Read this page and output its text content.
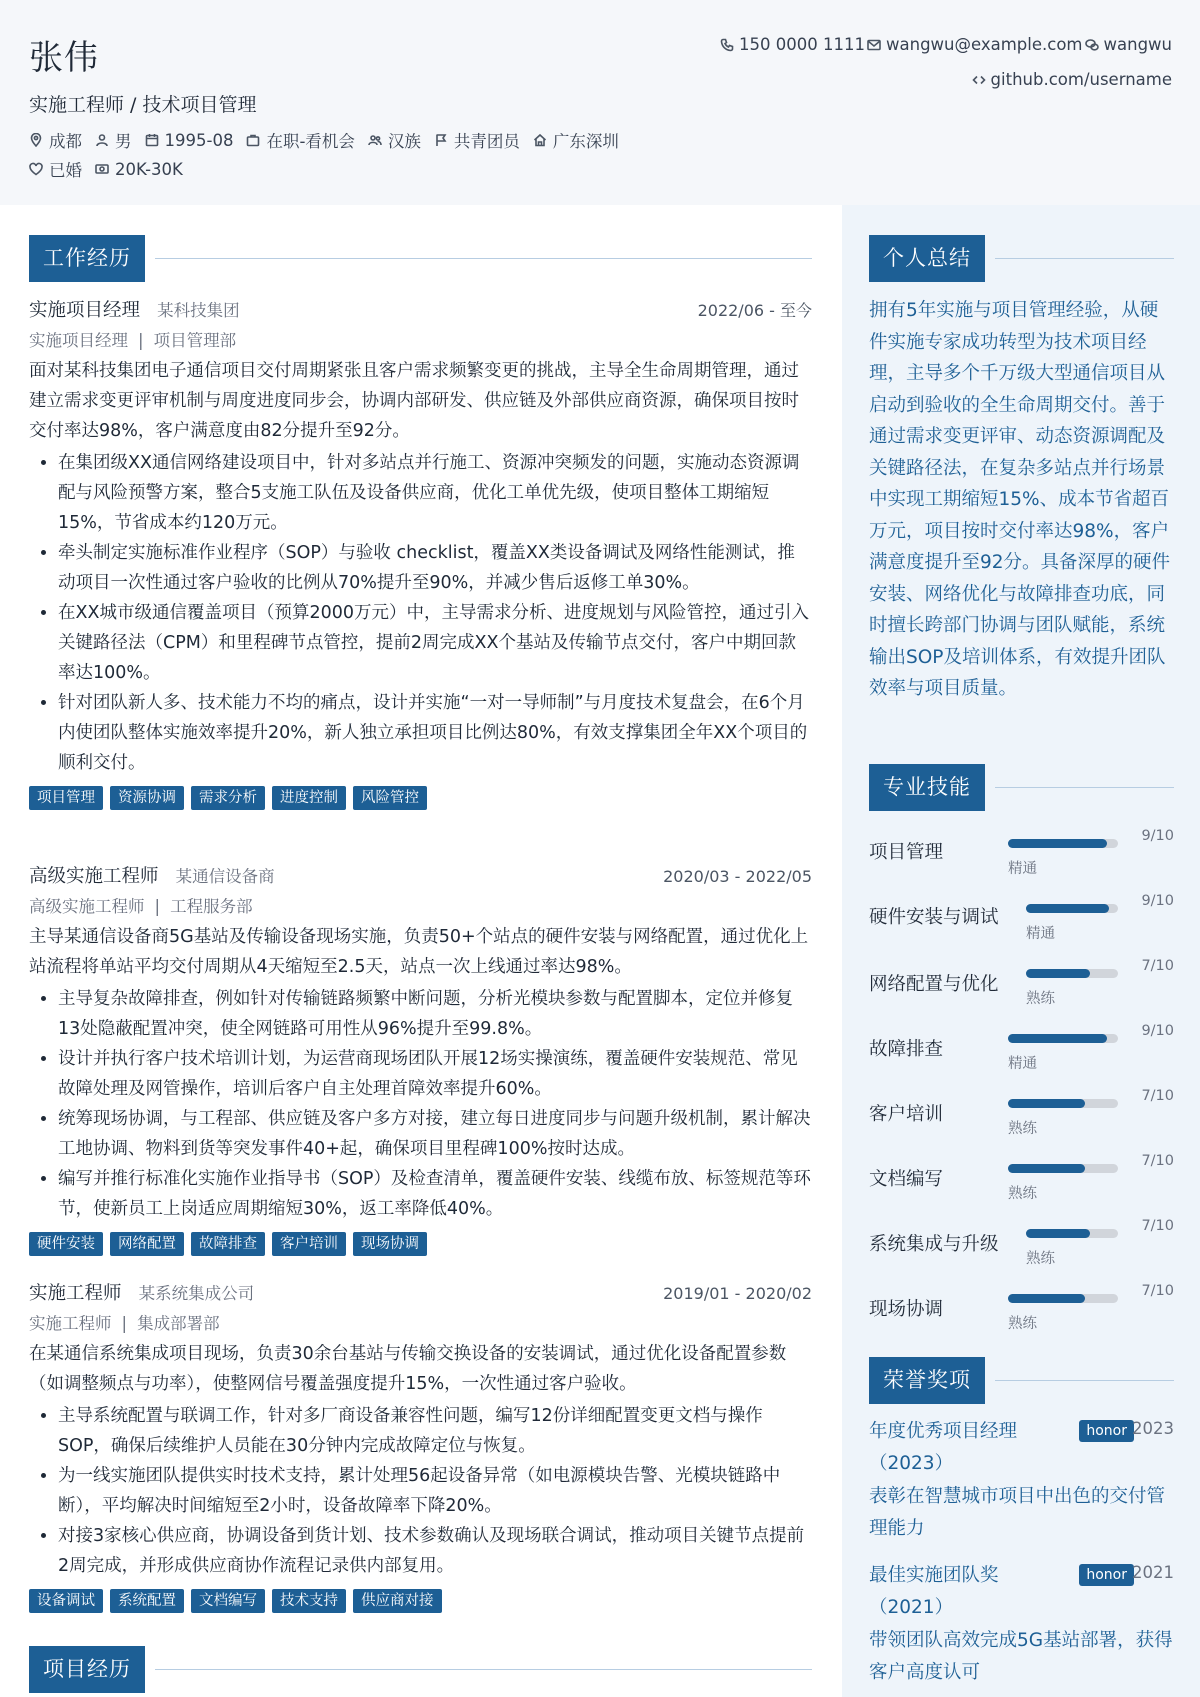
张伟
实施工程师 / 技术项目管理
成都 男 1995-08 在职-看机会 汉族 共青团员 广东深圳
已婚 20K-30K
150 0000 1111 wangwu@example.com wangwu
github.com/username
工作经历
实施项目经理 某科技集团	2022/06 - 至今
实施项目经理 | 项目管理部

面对某科技集团电子通信项目交付周期紧张且客户需求频繁变更的挑战，主导全生命周期管理，通过建立需求变更评审机制与周度进度同步会，协调内部研发、供应链及外部供应商资源，确保项目按时交付率达98%，客户满意度由82分提升至92分。

• 在集团级XX通信网络建设项目中，针对多站点并行施工、资源冲突频发的问题，实施动态资源调配与风险预警方案，整合5支施工队伍及设备供应商，优化工单优先级，使项目整体工期缩短15%，节省成本约120万元。
• 牵头制定实施标准作业程序（SOP）与验收 checklist，覆盖XX类设备调试及网络性能测试，推动项目一次性通过客户验收的比例从70%提升至90%，并减少售后返修工单30%。
• 在XX城市级通信覆盖项目（预算2000万元）中，主导需求分析、进度规划与风险管控，通过引入关键路径法（CPM）和里程碑节点管控，提前2周完成XX个基站及传输节点交付，客户中期回款率达100%。
• 针对团队新人多、技术能力不均的痛点，设计并实施“一对一导师制”与月度技术复盘会，在6个月内使团队整体实施效率提升20%，新人独立承担项目比例达80%，有效支撑集团全年XX个项目的顺利交付。
项目管理	资源协调	需求分析	进度控制	风险管控
高级实施工程师 某通信设备商	2020/03 - 2022/05
高级实施工程师 | 工程服务部

主导某通信设备商5G基站及传输设备现场实施，负责50+个站点的硬件安装与网络配置，通过优化上站流程将单站平均交付周期从4天缩短至2.5天，站点一次上线通过率达98%。

• 主导复杂故障排查，例如针对传输链路频繁中断问题，分析光模块参数与配置脚本，定位并修复13处隐蔽配置冲突，使全网链路可用性从96%提升至99.8%。
• 设计并执行客户技术培训计划，为运营商现场团队开展12场实操演练，覆盖硬件安装规范、常见故障处理及网管操作，培训后客户自主处理首障效率提升60%。
• 统筹现场协调，与工程部、供应链及客户多方对接，建立每日进度同步与问题升级机制，累计解决工地协调、物料到货等突发事件40+起，确保项目里程碑100%按时达成。
• 编写并推行标准化实施作业指导书（SOP）及检查清单，覆盖硬件安装、线缆布放、标签规范等环节，使新员工上岗适应周期缩短30%，返工率降低40%。
硬件安装	网络配置	故障排查	客户培训	现场协调
实施工程师 某系统集成公司	2019/01 - 2020/02
实施工程师 | 集成部署部

在某通信系统集成项目现场，负责30余台基站与传输交换设备的安装调试，通过优化设备配置参数（如调整频点与功率），使整网信号覆盖强度提升15%，一次性通过客户验收。

• 主导系统配置与联调工作，针对多厂商设备兼容性问题，编写12份详细配置变更文档与操作SOP，确保后续维护人员能在30分钟内完成故障定位与恢复。
• 为一线实施团队提供实时技术支持，累计处理56起设备异常（如电源模块告警、光模块链路中断），平均解决时间缩短至2小时，设备故障率下降20%。
• 对接3家核心供应商，协调设备到货计划、技术参数确认及现场联合调试，推动项目关键节点提前2周完成，并形成供应商协作流程记录供内部复用。
设备调试	系统配置	文档编写	技术支持	供应商对接
项目经历
个人总结
拥有5年实施与项目管理经验，从硬件实施专家成功转型为技术项目经理，主导多个千万级大型通信项目从启动到验收的全生命周期交付。善于通过需求变更评审、动态资源调配及关键路径法，在复杂多站点并行场景中实现工期缩短15%、成本节省超百万元，项目按时交付率达98%，客户满意度提升至92分。具备深厚的硬件安装、网络优化与故障排查功底，同时擅长跨部门协调与团队赋能，系统输出SOP及培训体系，有效提升团队效率与项目质量。
专业技能
项目管理
9/10
精通
硬件安装与调试
9/10
精通
网络配置与优化
7/10
熟练
故障排查
9/10
精通
客户培训
7/10
熟练
文档编写
7/10
熟练
系统集成与升级
7/10
熟练
现场协调
7/10
熟练
荣誉奖项
年度优秀项目经理（2023）
honor 2023
表彰在智慧城市项目中出色的交付管理能力
最佳实施团队奖（2021）
honor 2021
带领团队高效完成5G基站部署，获得客户高度认可
